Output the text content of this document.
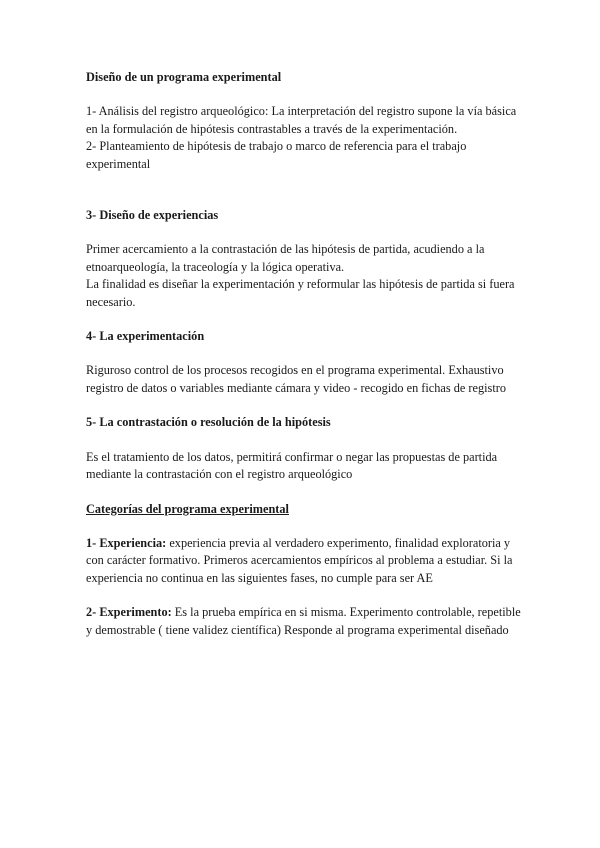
Diseño de un programa experimental

1- Análisis del registro arqueológico: La interpretación del registro supone la vía básica en la formulación de hipótesis contrastables a través de la experimentación.

2- Planteamiento de hipótesis de trabajo o marco de referencia para el trabajo experimental

3- Diseño de experiencias

Primer acercamiento a la contrastación de las hipótesis de partida, acudiendo a la etnoarqueología, la traceología y la lógica operativa.

La finalidad es diseñar la experimentación y reformular las hipótesis de partida si fuera necesario.

4- La experimentación

Riguroso control de los procesos recogidos en el programa experimental. Exhaustivo registro de datos o variables mediante cámara y video - recogido en fichas de registro

5- La contrastación o resolución de la hipótesis

Es el tratamiento de los datos, permitirá confirmar o negar las propuestas de partida mediante la contrastación con el registro arqueológico

Categorías del programa experimental

1- Experiencia: experiencia previa al verdadero experimento, finalidad exploratoria y con carácter formativo. Primeros acercamientos empíricos al problema a estudiar. Si la experiencia no continua en las siguientes fases, no cumple para ser AE

2- Experimento: Es la prueba empírica en si misma. Experimento controlable, repetible y demostrable ( tiene validez científica) Responde al programa experimental diseñado
